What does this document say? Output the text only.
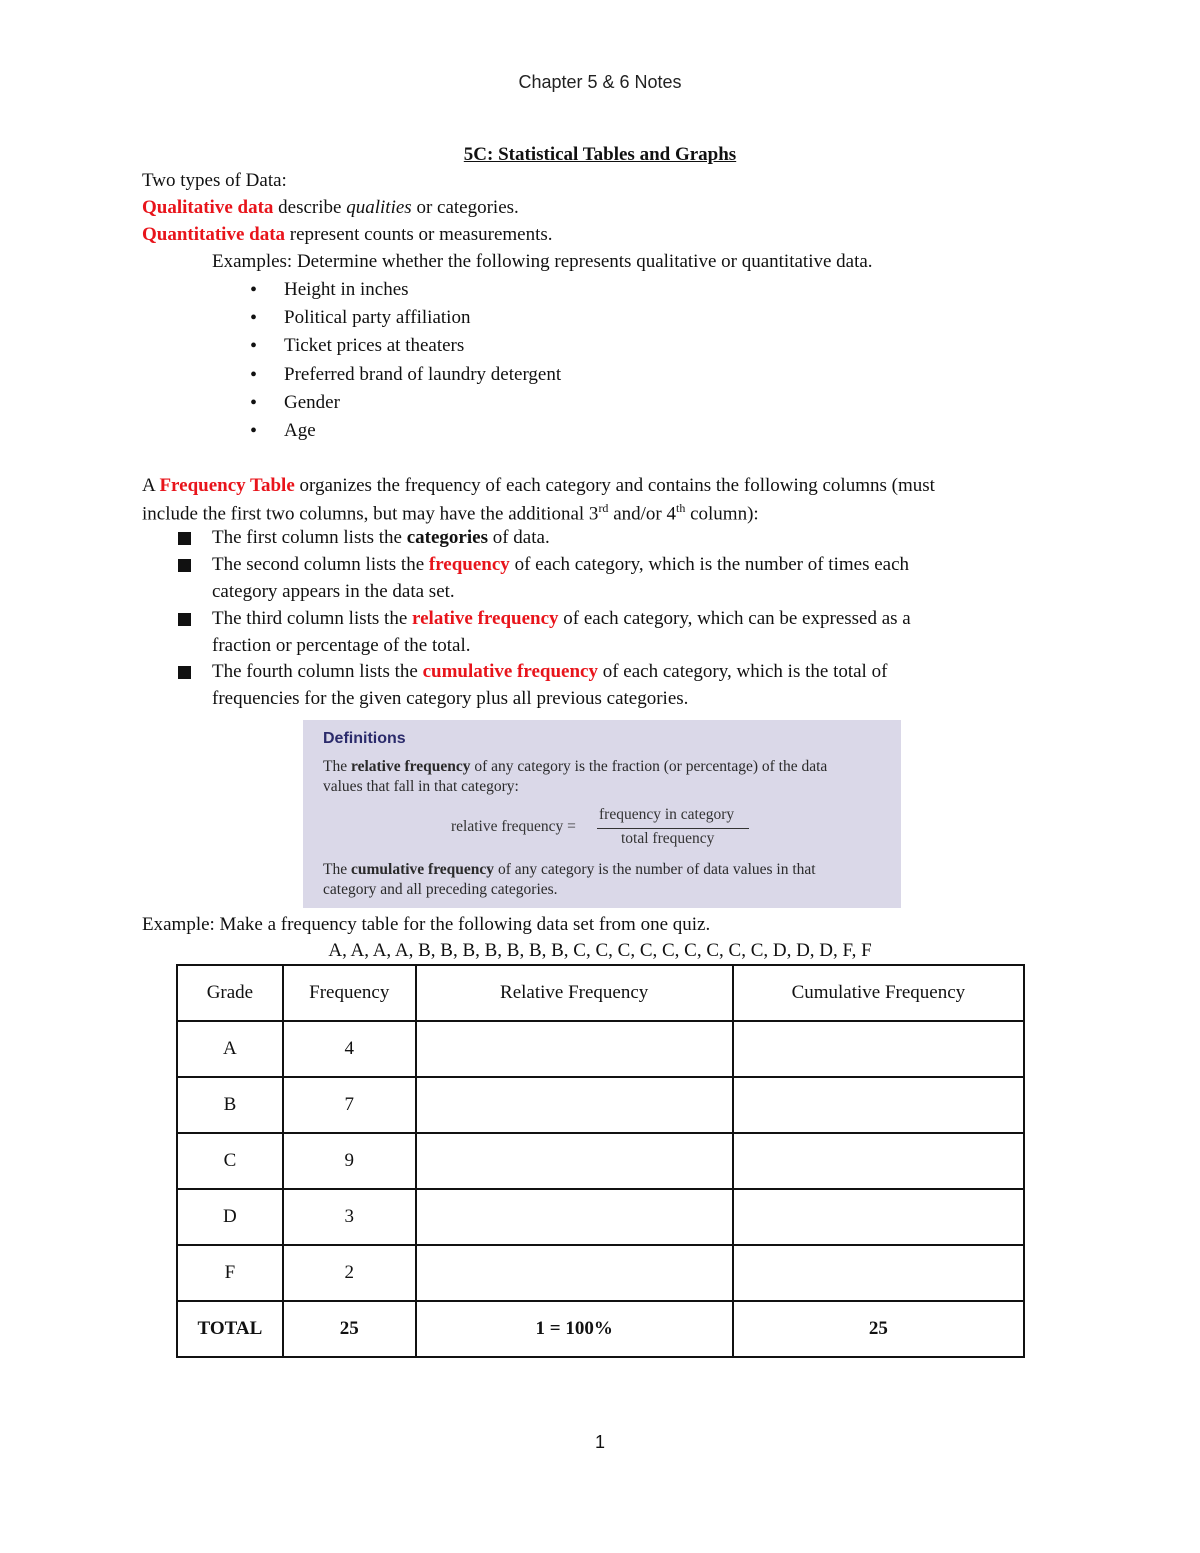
Chapter 5 & 6 Notes
5C: Statistical Tables and Graphs
Two types of Data:
Qualitative data describe qualities or categories.
Quantitative data represent counts or measurements.
Examples: Determine whether the following represents qualitative or quantitative data.
• Height in inches
• Political party affiliation
• Ticket prices at theaters
• Preferred brand of laundry detergent
• Gender
• Age
A Frequency Table organizes the frequency of each category and contains the following columns (must
include the first two columns, but may have the additional 3rd and/or 4th column):
The first column lists the categories of data.
The second column lists the frequency of each category, which is the number of times each
category appears in the data set.
The third column lists the relative frequency of each category, which can be expressed as a
fraction or percentage of the total.
The fourth column lists the cumulative frequency of each category, which is the total of
frequencies for the given category plus all previous categories.
Definitions
The relative frequency of any category is the fraction (or percentage) of the data
values that fall in that category:
relative frequency =
frequency in category
total frequency
The cumulative frequency of any category is the number of data values in that
category and all preceding categories.
Example: Make a frequency table for the following data set from one quiz.
A, A, A, A, B, B, B, B, B, B, B, C, C, C, C, C, C, C, C, C, D, D, D, F, F
Grade	Frequency	Relative Frequency	Cumulative Frequency
A	4		
B	7		
C	9		
D	3		
F	2		
TOTAL	25	1 = 100%	25
1
